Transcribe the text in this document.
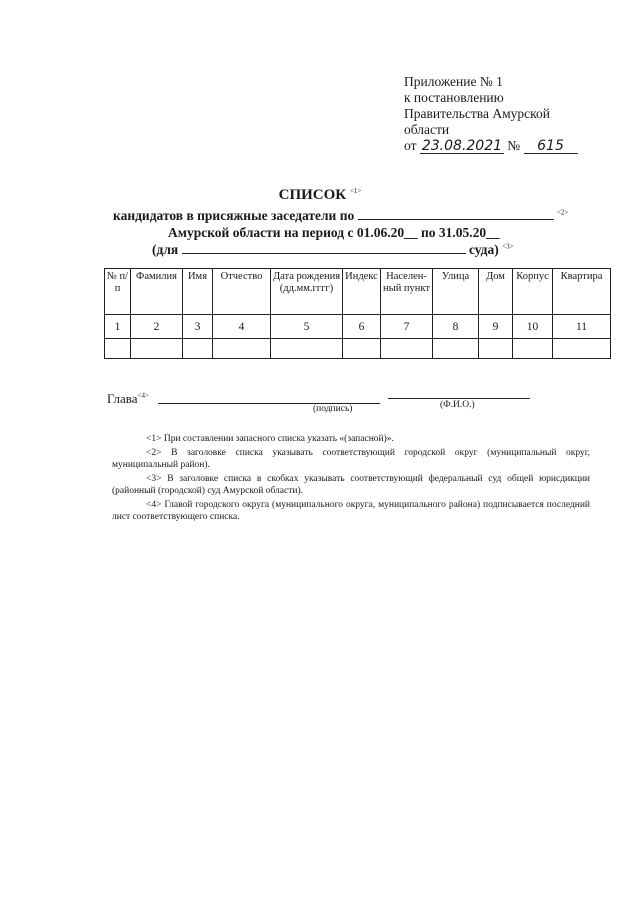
Приложение № 1
к постановлению
Правительства Амурской
области
от 23.08.2021 № 615
СПИСОК $^{<1>}$
кандидатов в присяжные заседатели по	$^{<2>}$
Амурской области на период с 01.06.20__ по 31.05.20__
(для	суда) $^{<3>}$
№ п/п	Фамилия	Имя	Отчество	Дата рождения (дд.мм.гггг)	Индекс	Населен-ный пункт	Улица	Дом	Корпус	Квартира
1	2	3	4	5	6	7	8	9	10	11

Глава$^{<4>}$
(подпись)	(Ф.И.О.)

<1> При составлении запасного списка указать «(запасной)».

<2> В заголовке списка указывать соответствующий городской округ (муниципальный округ, муниципальный район).

<3> В заголовке списка в скобках указывать соответствующий федеральный суд общей юрисдикции (районный (городской) суд Амурской области).

<4> Главой городского округа (муниципального округа, муниципального района) подписывается последний лист соответствующего списка.
